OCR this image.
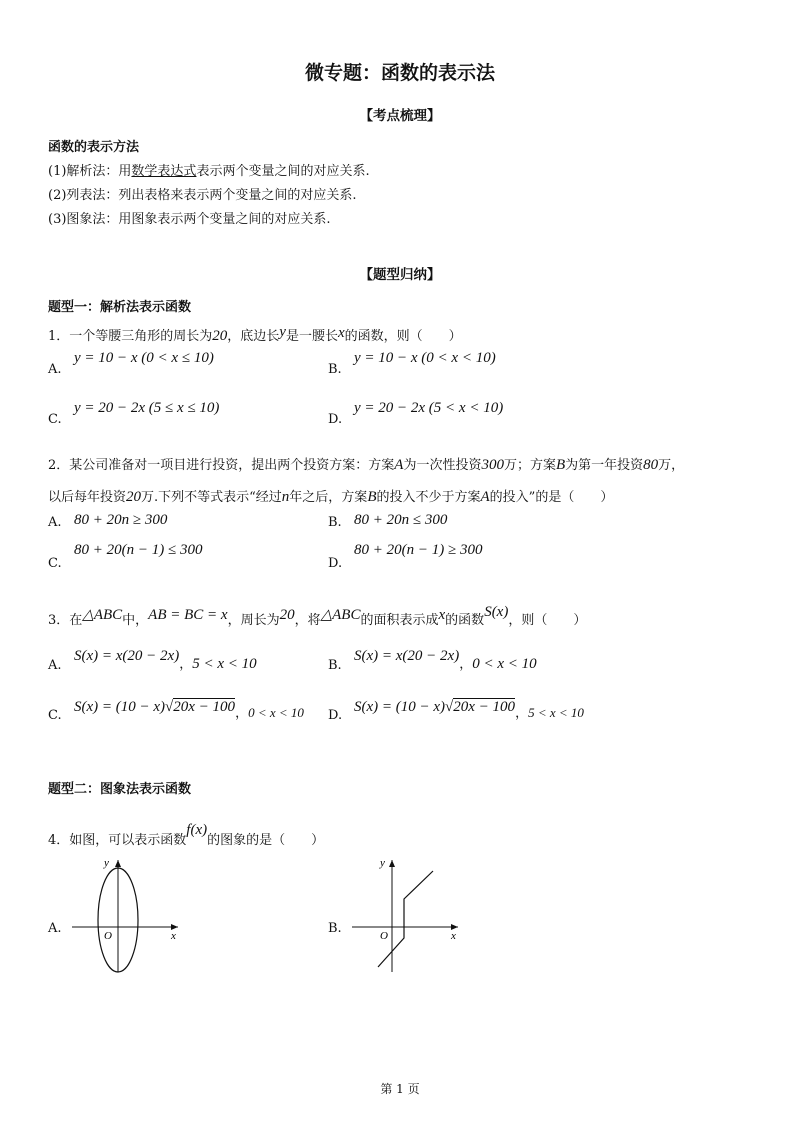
微专题：函数的表示法
【考点梳理】
函数的表示方法
(1)解析法：用数学表达式表示两个变量之间的对应关系.
(2)列表法：列出表格来表示两个变量之间的对应关系.
(3)图象法：用图象表示两个变量之间的对应关系.
【题型归纳】
题型一：解析法表示函数
1．一个等腰三角形的周长为20，底边长y是一腰长x的函数，则（　　）
A.
y = 10 − x (0 < x ≤ 10)
B.
y = 10 − x (0 < x < 10)
C.
y = 20 − 2x (5 ≤ x ≤ 10)
D.
y = 20 − 2x (5 < x < 10)
2．某公司准备对一项目进行投资，提出两个投资方案：方案A为一次性投资300万；方案B为第一年投资80万，
以后每年投资20万.下列不等式表示“经过n年之后，方案B的投入不少于方案A的投入”的是（　　）
A. 80 + 20n ≥ 300	B. 80 + 20n ≤ 300
C.
80 + 20(n − 1) ≤ 300
D.
80 + 20(n − 1) ≥ 300
3．在△ABC中，AB = BC = x，周长为20，将△ABC的面积表示成x的函数S(x)，则（　　）
A.
$S(x) = x(20 - 2x)_,5 < x < 10$	B.
$S(x) = x(20 - 2x)_,0 < x < 10$
C.
$S(x) = (10 - x)√20x - 100_{,0 < x < 10}$ D.
$S(x) = (10 - x)√20x - 100_{,5 < x < 10}$
题型二：图象法表示函数
4．如图，可以表示函数f(x)的图象的是（　　）
A.
y
x
O	B.
y
x
O
第 1 页
